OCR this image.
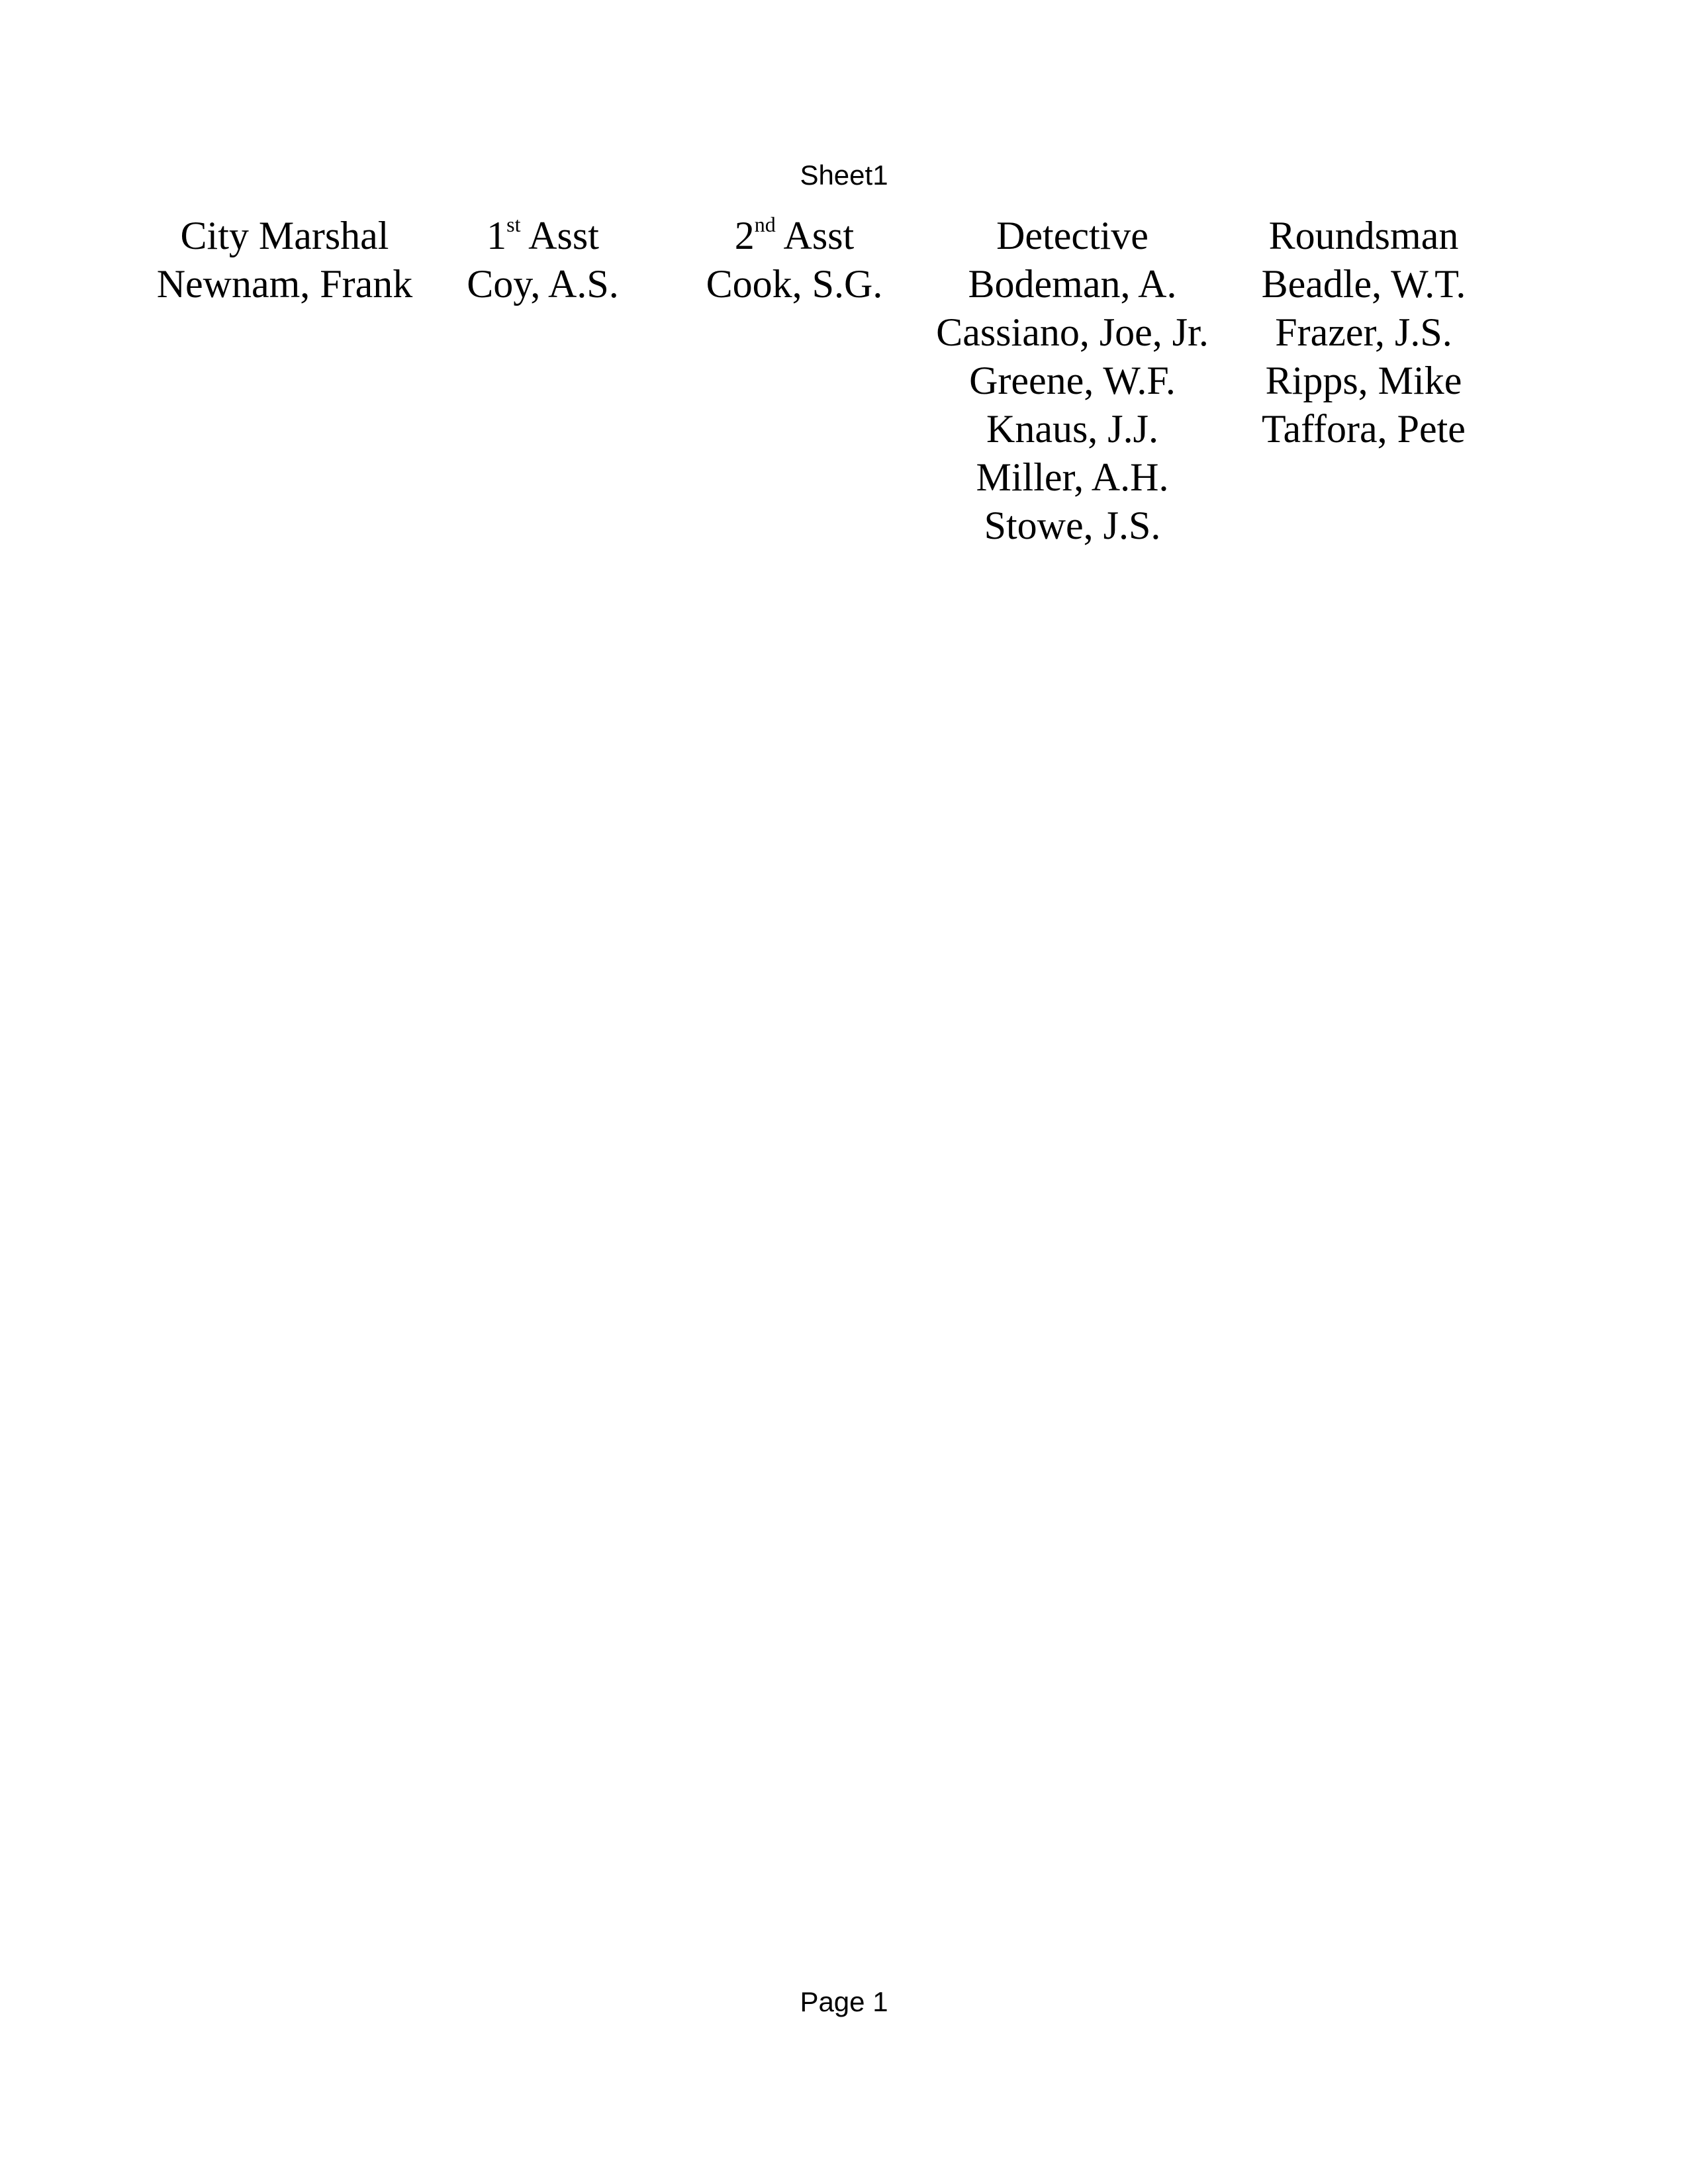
Sheet1
City Marshal
Newnam, Frank
1st Asst
Coy, A.S.
2nd Asst
Cook, S.G.
Detective
Bodeman, A.
Cassiano, Joe, Jr.
Greene, W.F.
Knaus, J.J.
Miller, A.H.
Stowe, J.S.
Roundsman
Beadle, W.T.
Frazer, J.S.
Ripps, Mike
Taffora, Pete
Page 1
